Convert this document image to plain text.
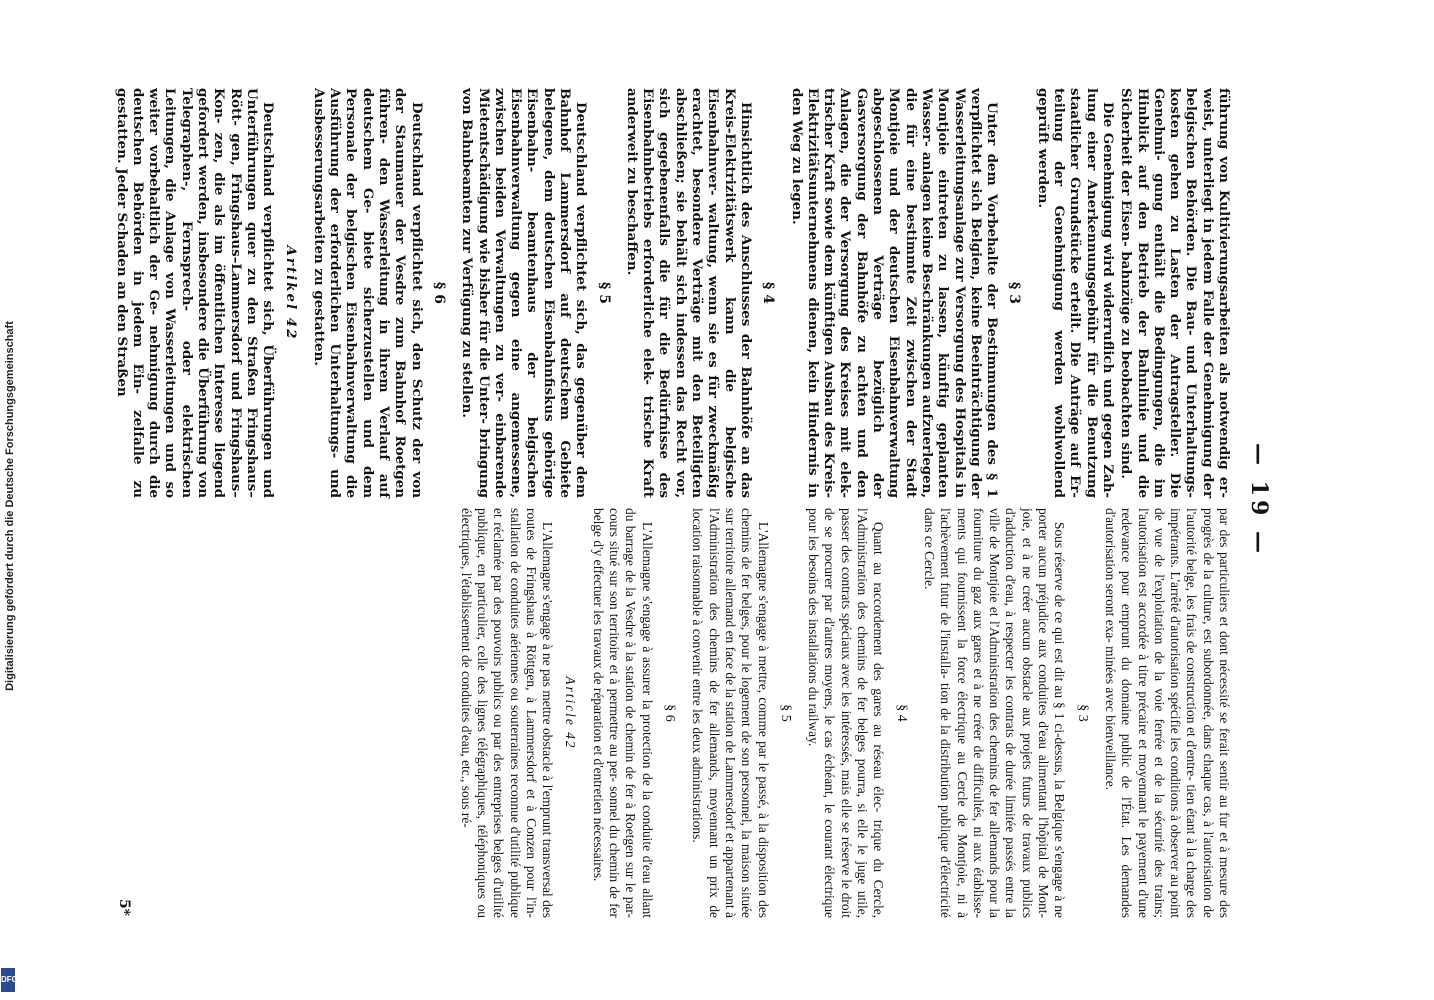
Digitalisierung gefördert durch die Deutsche Forschungsgemeinschaft
DFG
— 19 —

führung von Kultivierungsarbeiten als notwendig er- weist, unterliegt in jedem Falle der Genehmigung der belgischen Behörden. Die Bau- und Unterhaltungs- kosten gehen zu Lasten der Antragsteller. Die Genehmi- gung enthält die Bedingungen, die im Hinblick auf den Betrieb der Bahnlinie und die Sicherheit der Eisen- bahnzüge zu beobachten sind.

Die Genehmigung wird widerruflich und gegen Zah- lung einer Anerkennungsgebühr für die Benutzung staatlicher Grundstücke erteilt. Die Anträge auf Er- teilung der Genehmigung werden wohlwollend geprüft werden.

§ 3

Unter dem Vorbehalte der Bestimmungen des § 1 verpflichtet sich Belgien, keine Beeinträchtigung der Wasserleitungsanlage zur Versorgung des Hospitals in Montjoie eintreten zu lassen, künftig geplanten Wasser- anlagen keine Beschränkungen aufzuerlegen, die für eine bestimmte Zeit zwischen der Stadt Montjoie und der deutschen Eisenbahnverwaltung abgeschlossenen Verträge bezüglich der Gasversorgung der Bahnhöfe zu achten und den Anlagen, die der Versorgung des Kreises mit elek- trischer Kraft sowie dem künftigen Ausbau des Kreis- Elektrizitätsunternehmens dienen, kein Hindernis in den Weg zu legen.

§ 4

Hinsichtlich des Anschlusses der Bahnhöfe an das Kreis-Elektrizitätswerk kann die belgische Eisenbahnver- waltung, wenn sie es für zweckmäßig erachtet, besondere Verträge mit den Beteiligten abschließen; sie behält sich indessen das Recht vor, sich gegebenenfalls die für die Bedürfnisse des Eisenbahnbetriebs erforderliche elek- trische Kraft anderweit zu beschaffen.

§ 5

Deutschland verpflichtet sich, das gegenüber dem Bahnhof Lammersdorf auf deutschem Gebiete belegene, dem deutschen Eisenbahnfiskus gehörige Eisenbahn- beamtenhaus der belgischen Eisenbahnverwaltung gegen eine angemessene, zwischen beiden Verwaltungen zu ver- einbarende Mietentschädigung wie bisher für die Unter- bringung von Bahnbeamten zur Verfügung zu stellen.

§ 6

Deutschland verpflichtet sich, den Schutz der von der Staumauer der Vesdre zum Bahnhof Roetgen führen- den Wasserleitung in ihrem Verlauf auf deutschem Ge- biete sicherzustellen und dem Personale der belgischen Eisenbahnverwaltung die Ausführung der erforderlichen Unterhaltungs- und Ausbesserungsarbeiten zu gestatten.

Artikel 42

Deutschland verpflichtet sich, Überführungen und Unterführungen quer zu den Straßen Fringshaus–Rött- gen, Fringshaus–Lammersdorf und Fringshaus–Kon- zen, die als im öffentlichen Interesse liegend gefordert werden, insbesondere die Überführung von Telegraphen-, Fernsprech- oder elektrischen Leitungen, die Anlage von Wasserleitungen und so weiter vorbehaltlich der Ge- nehmigung durch die deutschen Behörden in jedem Ein- zelfalle zu gestatten. Jeder Schaden an den Straßen

par des particuliers et dont nécessité se ferait sentir au fur et à mesure des progrès de la culture, est subordonnée, dans chaque cas, à l'autorisation de l'autorité belge, les frais de construction et d'entre- tien étant à la charge des impétrants. L'arrêté d'autorisation spécifie les conditions à observer au point de vue de l'exploitation de la voie ferrée et de la sécurité des trains; l'autorisation est accordée à titre précaire et moyennant le payement d'une redevance pour emprunt du domaine public de l'État. Les demandes d'autorisation seront exa- minées avec bienveillance.

§ 3

Sous réserve de ce qui est dit au § 1 ci-dessus, la Belgique s'engage à ne porter aucun préjudice aux conduites d'eau alimentant l'hôpital de Mont- joie, et à ne créer aucun obstacle aux projets futurs de travaux publics d'adduction d'eau, à respecter les contrats de durée limitée passés entre la ville de Montjoie et l'Administration des chemins de fer allemands pour la fourniture du gaz aux gares et à ne créer de difficultés, ni aux établisse- ments qui fournissent la force électrique au Cercle de Montjoie, ni à l'achèvement futur de l'installa- tion de la distribution publique d'électricité dans ce Cercle.

§ 4

Quant au raccordement des gares au réseau élec- trique du Cercle, l'Administration des chemins de fer belges pourra, si elle le juge utile, passer des contrats spéciaux avec les intéressés, mais elle se réserve le droit de se procurer par d'autres moyens, le cas échéant, le courant électrique pour les besoins des installations du railway.

§ 5

L'Allemagne s'engage à mettre, comme par le passé, à la disposition des chemins de fer belges, pour le logement de son personnel, la maison située sur territoire allemand en face de la station de Lammersdorf et appartenant à l'Administration des chemins de fer allemands, moyennant un prix de location raisonnable à convenir entre les deux administrations.

§ 6

L'Allemagne s'engage à assurer la protection de la conduite d'eau allant du barrage de la Vesdre à la station de chemin de fer à Roetgen sur le par- cours situé sur son territoire et à permettre au per- sonnel du chemin de fer belge d'y effectuer les travaux de réparation et d'entretien nécessaires.

Article 42

L'Allemagne s'engage à ne pas mettre obstacle à l'emprunt transversal des routes de Fringshaus à Röttgen, à Lammersdorf et à Conzen pour l'in- stallation de conduites aériennes ou souterraines reconnue d'utilité publique et réclamée par des pouvoirs publics ou par des entreprises belges d'utilité publique, en particulier, celle des lignes télégraphiques, téléphoniques ou électriques, l'établissement de conduites d'eau, etc., sous ré-

5*
